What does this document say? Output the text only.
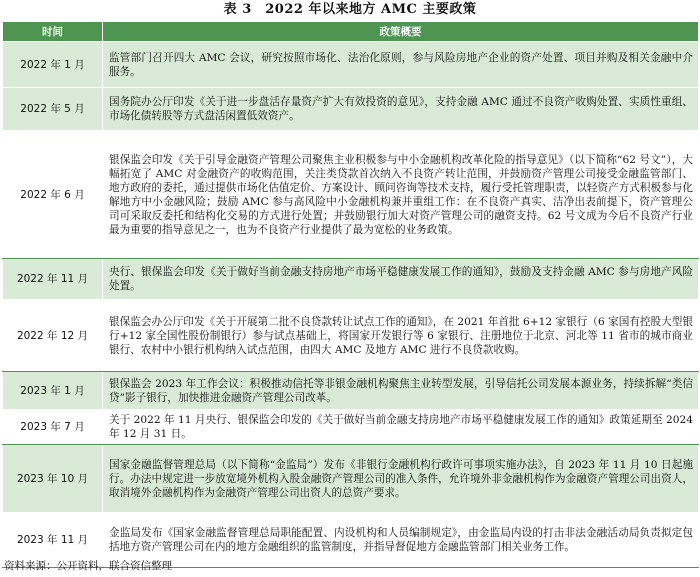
表 3　2022 年以来地方 AMC 主要政策
时间	政策概要
2022 年 1 月	监管部门召开四大 AMC 会议，研究按照市场化、法治化原则，参与风险房地产企业的资产处置、项目并购及相关金融中介服务。
2022 年 5 月	国务院办公厅印发《关于进一步盘活存量资产扩大有效投资的意见》，支持金融 AMC 通过不良资产收购处置、实质性重组、市场化债转股等方式盘活闲置低效资产。
2022 年 6 月	银保监会印发《关于引导金融资产管理公司聚焦主业积极参与中小金融机构改革化险的指导意见》（以下简称“62 号文”），大幅拓宽了 AMC 对金融资产的收购范围，关注类贷款首次纳入不良资产转让范围，并鼓励资产管理公司接受金融监管部门、地方政府的委托，通过提供市场化估值定价、方案设计、顾问咨询等技术支持，履行受托管理职责，以轻资产方式积极参与化解地方中小金融风险；鼓励 AMC 参与高风险中小金融机构兼并重组工作：在不良资产真实、洁净出表前提下，资产管理公司可采取反委托和结构化交易的方式进行处置；并鼓励银行加大对资产管理公司的融资支持。62 号文成为今后不良资产行业最为重要的指导意见之一，也为不良资产行业提供了最为宽松的业务政策。
2022 年 11 月	央行、银保监会印发《关于做好当前金融支持房地产市场平稳健康发展工作的通知》，鼓励及支持金融 AMC 参与房地产风险处置。
2022 年 12 月	银保监会办公厅印发《关于开展第二批不良贷款转让试点工作的通知》，在 2021 年首批 6+12 家银行（6 家国有控股大型银行+12 家全国性股份制银行）参与试点基础上，将国家开发银行等 6 家银行、注册地位于北京、河北等 11 省市的城市商业银行、农村中小银行机构纳入试点范围，由四大 AMC 及地方 AMC 进行不良贷款收购。
2023 年 1 月	银保监会 2023 年工作会议：积极推动信托等非银金融机构聚焦主业转型发展，引导信托公司发展本源业务，持续拆解“类信贷”影子银行，加快推进金融资产管理公司改革。
2023 年 7 月	关于 2022 年 11 月央行、银保监会印发的《关于做好当前金融支持房地产市场平稳健康发展工作的通知》政策延期至 2024 年 12 月 31 日。
2023 年 10 月	国家金融监督管理总局（以下简称“金监局”）发布《非银行金融机构行政许可事项实施办法》，自 2023 年 11 月 10 日起施行。办法中规定进一步放宽境外机构入股金融资产管理公司的准入条件，允许境外非金融机构作为金融资产管理公司出资人，取消境外金融机构作为金融资产管理公司出资人的总资产要求。
2023 年 11 月	金监局发布《国家金融监督管理总局职能配置、内设机构和人员编制规定》，由金监局内设的打击非法金融活动局负责拟定包括地方资产管理公司在内的地方金融组织的监管制度，并指导督促地方金融监管部门相关业务工作。
资料来源：公开资料，联合资信整理
